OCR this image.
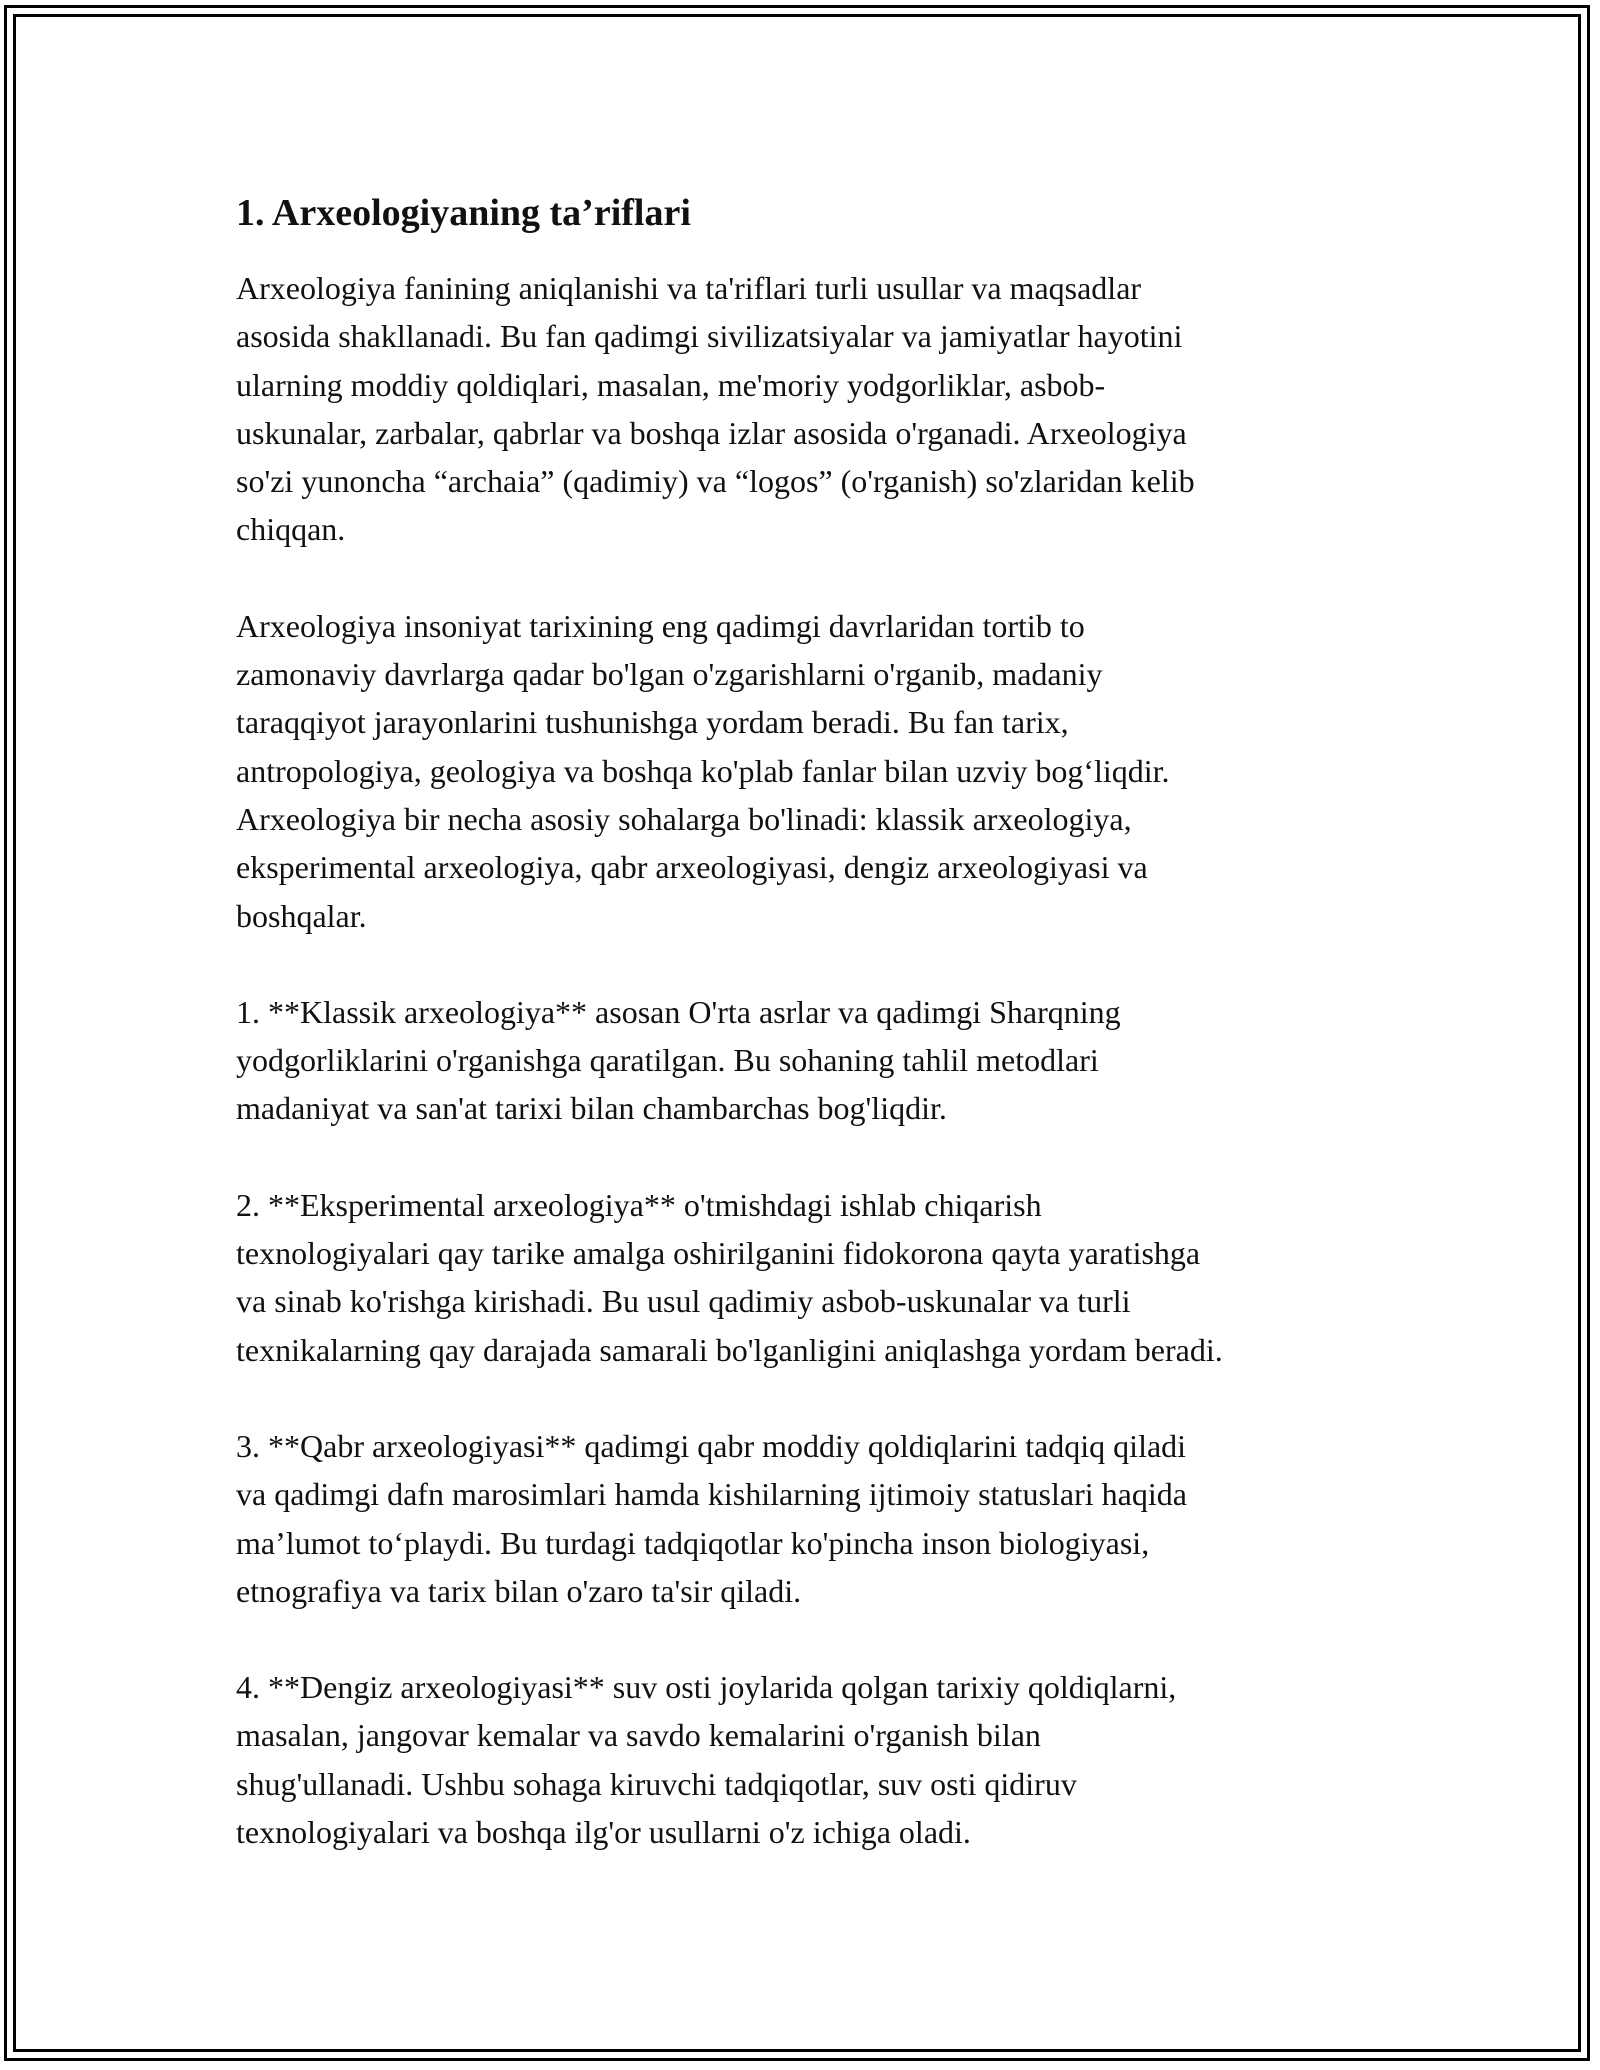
1. Arxeologiyaning ta’riflari
Arxeologiya fanining aniqlanishi va ta'riflari turli usullar va maqsadlar
asosida shakllanadi. Bu fan qadimgi sivilizatsiyalar va jamiyatlar hayotini
ularning moddiy qoldiqlari, masalan, me'moriy yodgorliklar, asbob-
uskunalar, zarbalar, qabrlar va boshqa izlar asosida o'rganadi. Arxeologiya
so'zi yunoncha “archaia” (qadimiy) va “logos” (o'rganish) so'zlaridan kelib
chiqqan.
Arxeologiya insoniyat tarixining eng qadimgi davrlaridan tortib to
zamonaviy davrlarga qadar bo'lgan o'zgarishlarni o'rganib, madaniy
taraqqiyot jarayonlarini tushunishga yordam beradi. Bu fan tarix,
antropologiya, geologiya va boshqa ko'plab fanlar bilan uzviy bog‘liqdir.
Arxeologiya bir necha asosiy sohalarga bo'linadi: klassik arxeologiya,
eksperimental arxeologiya, qabr arxeologiyasi, dengiz arxeologiyasi va
boshqalar.
1. **Klassik arxeologiya** asosan O'rta asrlar va qadimgi Sharqning
yodgorliklarini o'rganishga qaratilgan. Bu sohaning tahlil metodlari
madaniyat va san'at tarixi bilan chambarchas bog'liqdir.
2. **Eksperimental arxeologiya** o'tmishdagi ishlab chiqarish
texnologiyalari qay tarike amalga oshirilganini fidokorona qayta yaratishga
va sinab ko'rishga kirishadi. Bu usul qadimiy asbob-uskunalar va turli
texnikalarning qay darajada samarali bo'lganligini aniqlashga yordam beradi.
3. **Qabr arxeologiyasi** qadimgi qabr moddiy qoldiqlarini tadqiq qiladi
va qadimgi dafn marosimlari hamda kishilarning ijtimoiy statuslari haqida
ma’lumot to‘playdi. Bu turdagi tadqiqotlar ko'pincha inson biologiyasi,
etnografiya va tarix bilan o'zaro ta'sir qiladi.
4. **Dengiz arxeologiyasi** suv osti joylarida qolgan tarixiy qoldiqlarni,
masalan, jangovar kemalar va savdo kemalarini o'rganish bilan
shug'ullanadi. Ushbu sohaga kiruvchi tadqiqotlar, suv osti qidiruv
texnologiyalari va boshqa ilg'or usullarni o'z ichiga oladi.
